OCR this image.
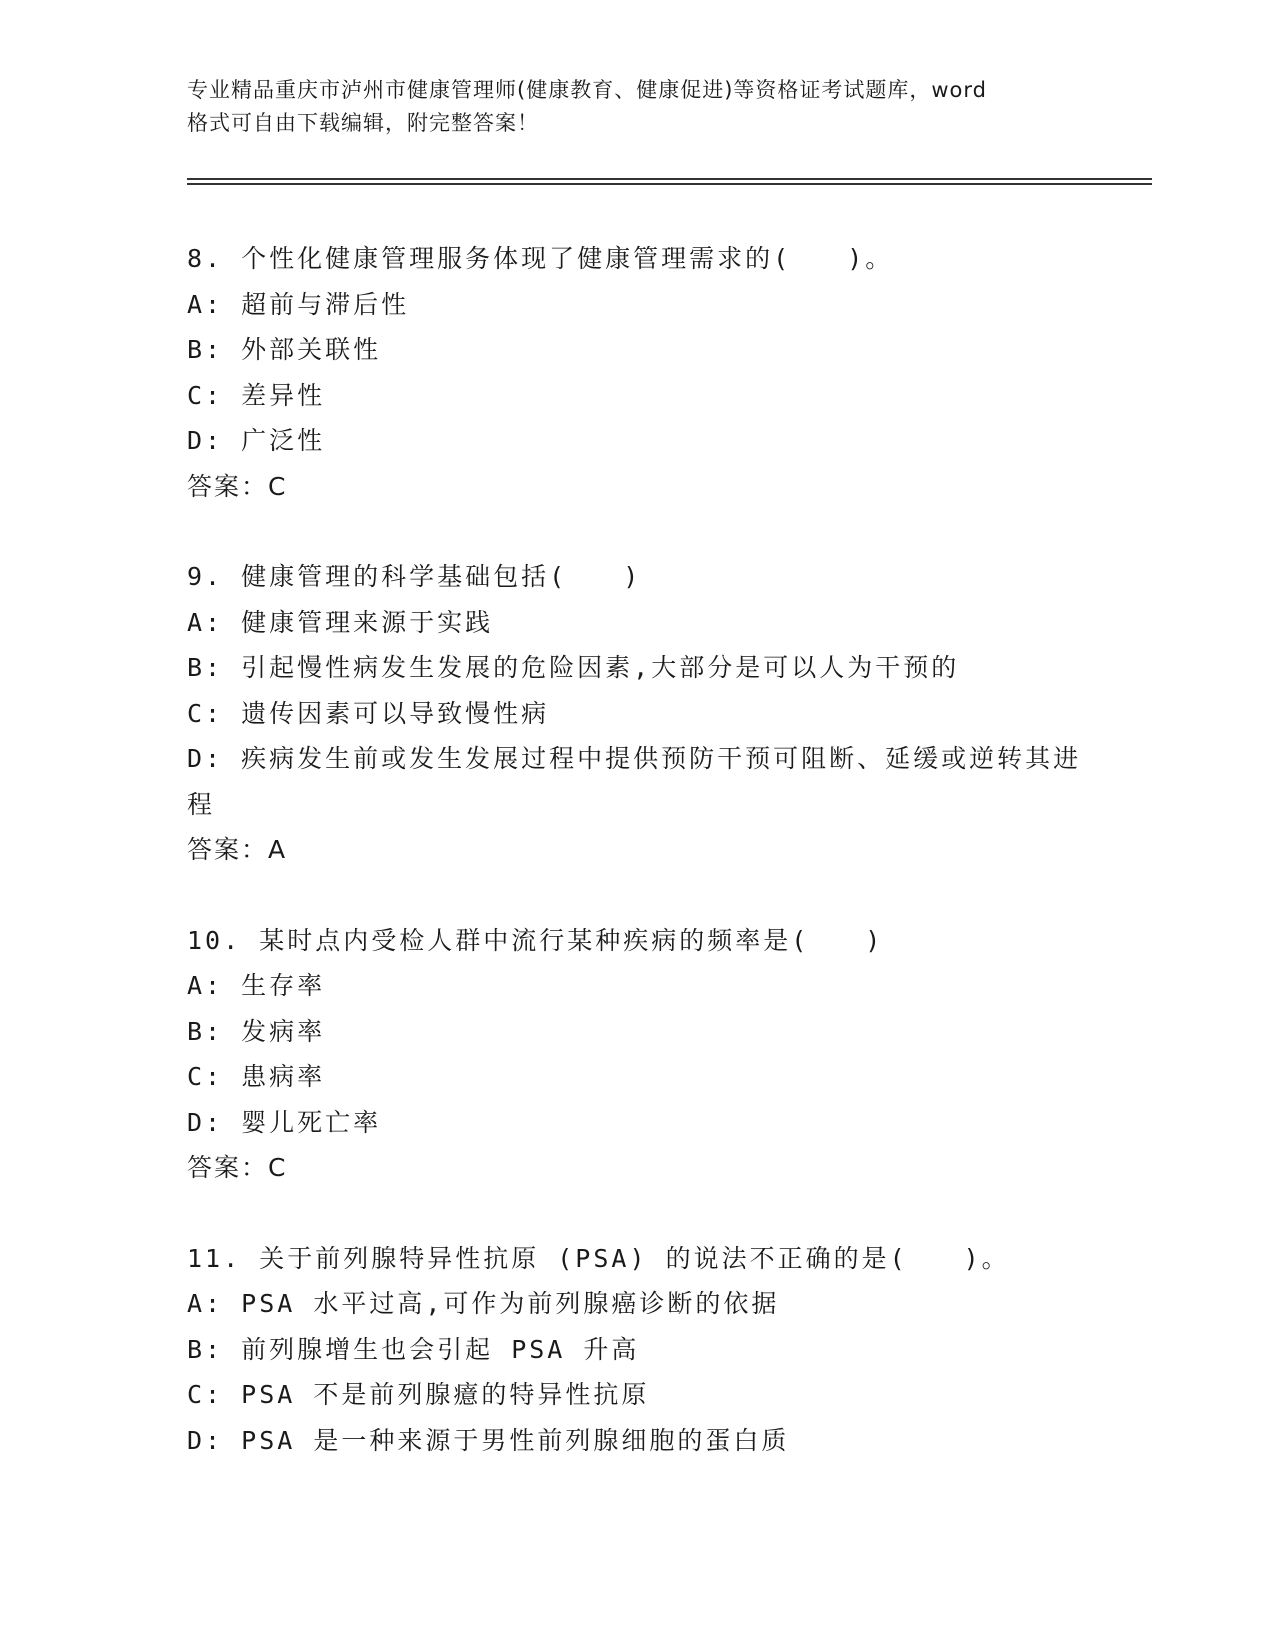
专业精品重庆市泸州市健康管理师(健康教育、健康促进)等资格证考试题库，word
格式可自由下载编辑，附完整答案！
8. 个性化健康管理服务体现了健康管理需求的(　　)。
A: 超前与滞后性
B: 外部关联性
C: 差异性
D: 广泛性
答案：C
9. 健康管理的科学基础包括(　　)
A: 健康管理来源于实践
B: 引起慢性病发生发展的危险因素,大部分是可以人为干预的
C: 遗传因素可以导致慢性病
D: 疾病发生前或发生发展过程中提供预防干预可阻断、延缓或逆转其进程
答案：A
10. 某时点内受检人群中流行某种疾病的频率是(　　)
A: 生存率
B: 发病率
C: 患病率
D: 婴儿死亡率
答案：C
11. 关于前列腺特异性抗原 (PSA) 的说法不正确的是(　　)。
A: PSA 水平过高,可作为前列腺癌诊断的依据
B: 前列腺增生也会引起 PSA 升高
C: PSA 不是前列腺癔的特异性抗原
D: PSA 是一种来源于男性前列腺细胞的蛋白质
